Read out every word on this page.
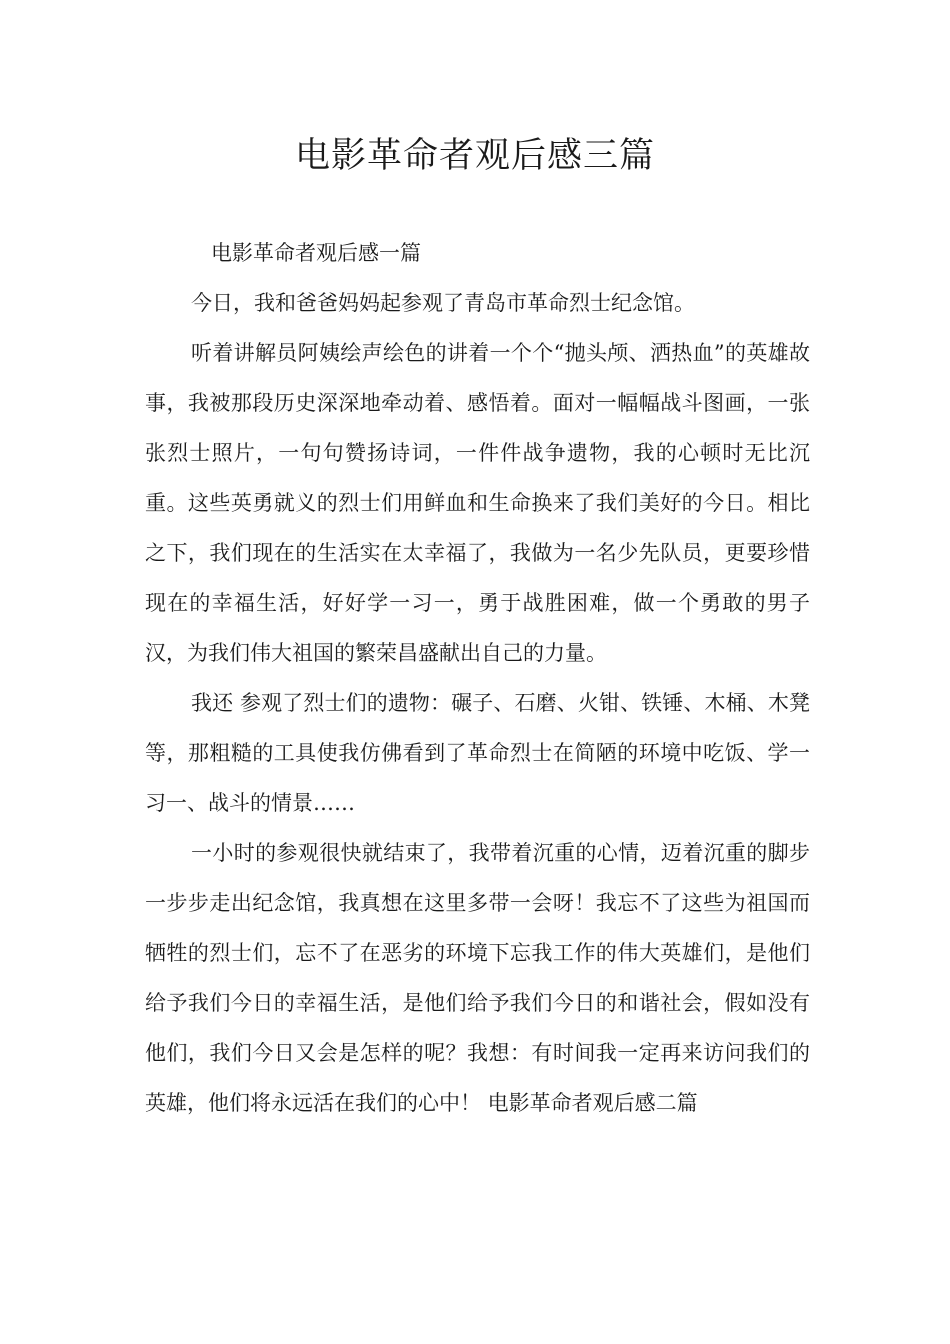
电影革命者观后感三篇

电影革命者观后感一篇

今日，我和爸爸妈妈起参观了青岛市革命烈士纪念馆。

听着讲解员阿姨绘声绘色的讲着一个个“抛头颅、洒热血”的英雄故事，我被那段历史深深地牵动着、感悟着。面对一幅幅战斗图画，一张张烈士照片，一句句赞扬诗词，一件件战争遗物，我的心顿时无比沉重。这些英勇就义的烈士们用鲜血和生命换来了我们美好的今日。相比之下，我们现在的生活实在太幸福了，我做为一名少先队员，更要珍惜现在的幸福生活，好好学一习一，勇于战胜困难，做一个勇敢的男子汉，为我们伟大祖国的繁荣昌盛献出自己的力量。

我还 参观了烈士们的遗物：碾子、石磨、火钳、铁锤、木桶、木凳等，那粗糙的工具使我仿佛看到了革命烈士在简陋的环境中吃饭、学一习一、战斗的情景……

一小时的参观很快就结束了，我带着沉重的心情，迈着沉重的脚步一步步走出纪念馆，我真想在这里多带一会呀！我忘不了这些为祖国而牺牲的烈士们，忘不了在恶劣的环境下忘我工作的伟大英雄们，是他们给予我们今日的幸福生活，是他们给予我们今日的和谐社会，假如没有他们，我们今日又会是怎样的呢？我想：有时间我一定再来访问我们的英雄，他们将永远活在我们的心中！ 电影革命者观后感二篇
